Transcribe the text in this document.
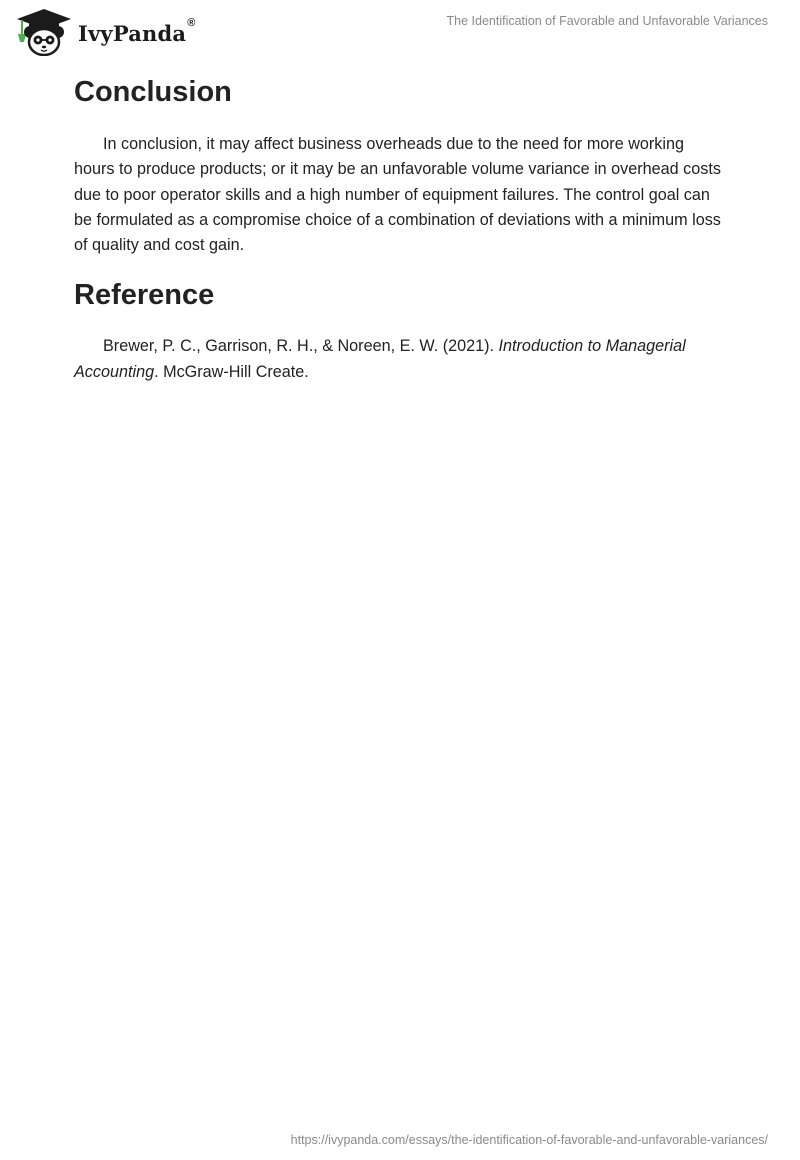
IvyPanda ®	The Identification of Favorable and Unfavorable Variances
Conclusion

In conclusion, it may affect business overheads due to the need for more working hours to produce products; or it may be an unfavorable volume variance in overhead costs due to poor operator skills and a high number of equipment failures. The control goal can be formulated as a compromise choice of a combination of deviations with a minimum loss of quality and cost gain.

Reference

Brewer, P. C., Garrison, R. H., & Noreen, E. W. (2021). Introduction to Managerial Accounting. McGraw-Hill Create.

https://ivypanda.com/essays/the-identification-of-favorable-and-unfavorable-variances/
